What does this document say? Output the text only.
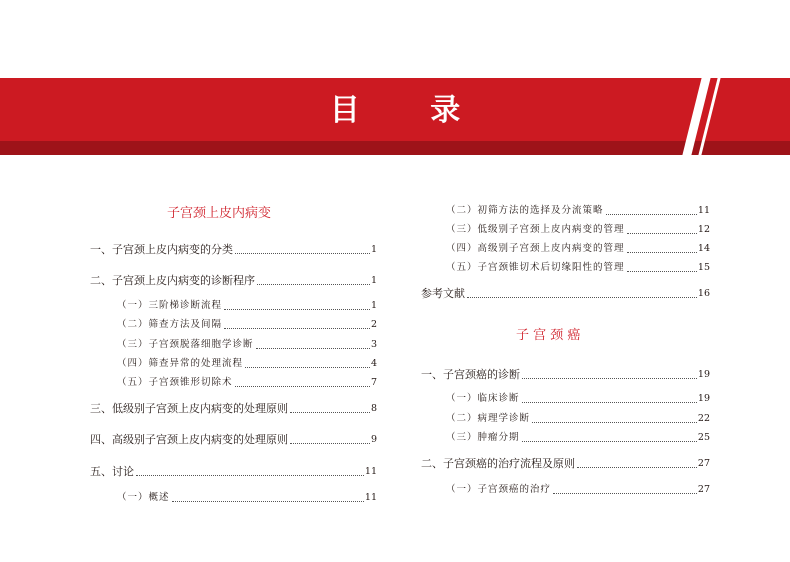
目 录
子宫颈上皮内病变
一、子宫颈上皮内病变的分类	1
二、子宫颈上皮内病变的诊断程序	1
（一）三阶梯诊断流程	1
（二）筛查方法及间隔	2
（三）子宫颈脱落细胞学诊断	3
（四）筛查异常的处理流程	4
（五）子宫颈锥形切除术	7
三、低级别子宫颈上皮内病变的处理原则	8
四、高级别子宫颈上皮内病变的处理原则	9
五、讨论	11
（一）概述	11
（二）初筛方法的选择及分流策略	11
（三）低级别子宫颈上皮内病变的管理	12
（四）高级别子宫颈上皮内病变的管理	14
（五）子宫颈锥切术后切缘阳性的管理	15
参考文献	16
子 宫 颈 癌
一、子宫颈癌的诊断	19
（一）临床诊断	19
（二）病理学诊断	22
（三）肿瘤分期	25
二、子宫颈癌的治疗流程及原则	27
（一）子宫颈癌的治疗	27
